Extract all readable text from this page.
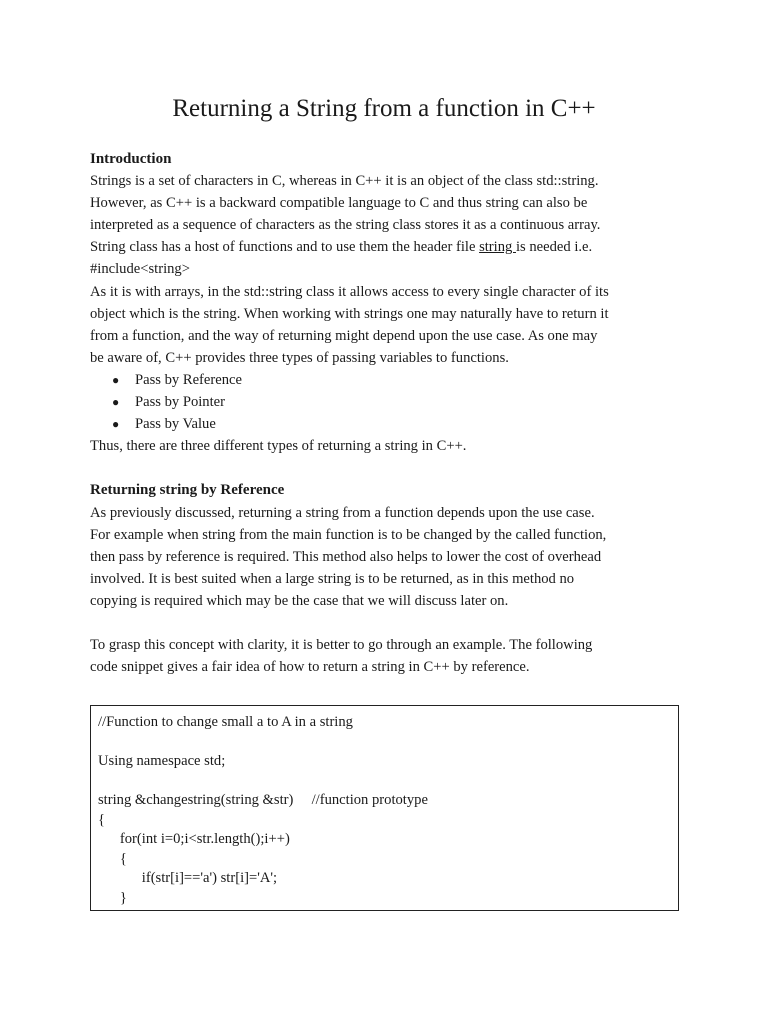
Returning a String from a function in C++

Introduction

Strings is a set of characters in C, whereas in C++ it is an object of the class std::string.

However, as C++ is a backward compatible language to C and thus string can also be

interpreted as a sequence of characters as the string class stores it as a continuous array.

String class has a host of functions and to use them the header file string is needed i.e.

#include<string>

As it is with arrays, in the std::string class it allows access to every single character of its

object which is the string. When working with strings one may naturally have to return it

from a function, and the way of returning might depend upon the use case. As one may

be aware of, C++ provides three types of passing variables to functions.

● Pass by Reference
● Pass by Pointer
● Pass by Value

Thus, there are three different types of returning a string in C++.

Returning string by Reference

As previously discussed, returning a string from a function depends upon the use case.

For example when string from the main function is to be changed by the called function,

then pass by reference is required. This method also helps to lower the cost of overhead

involved. It is best suited when a large string is to be returned, as in this method no

copying is required which may be the case that we will discuss later on.

To grasp this concept with clarity, it is better to go through an example. The following

code snippet gives a fair idea of how to return a string in C++ by reference.

//Function to change small a to A in a string

Using namespace std;

string &changestring(string &str)     //function prototype

{

for(int i=0;i<str.length();i++)

{

if(str[i]=='a') str[i]='A';

}
